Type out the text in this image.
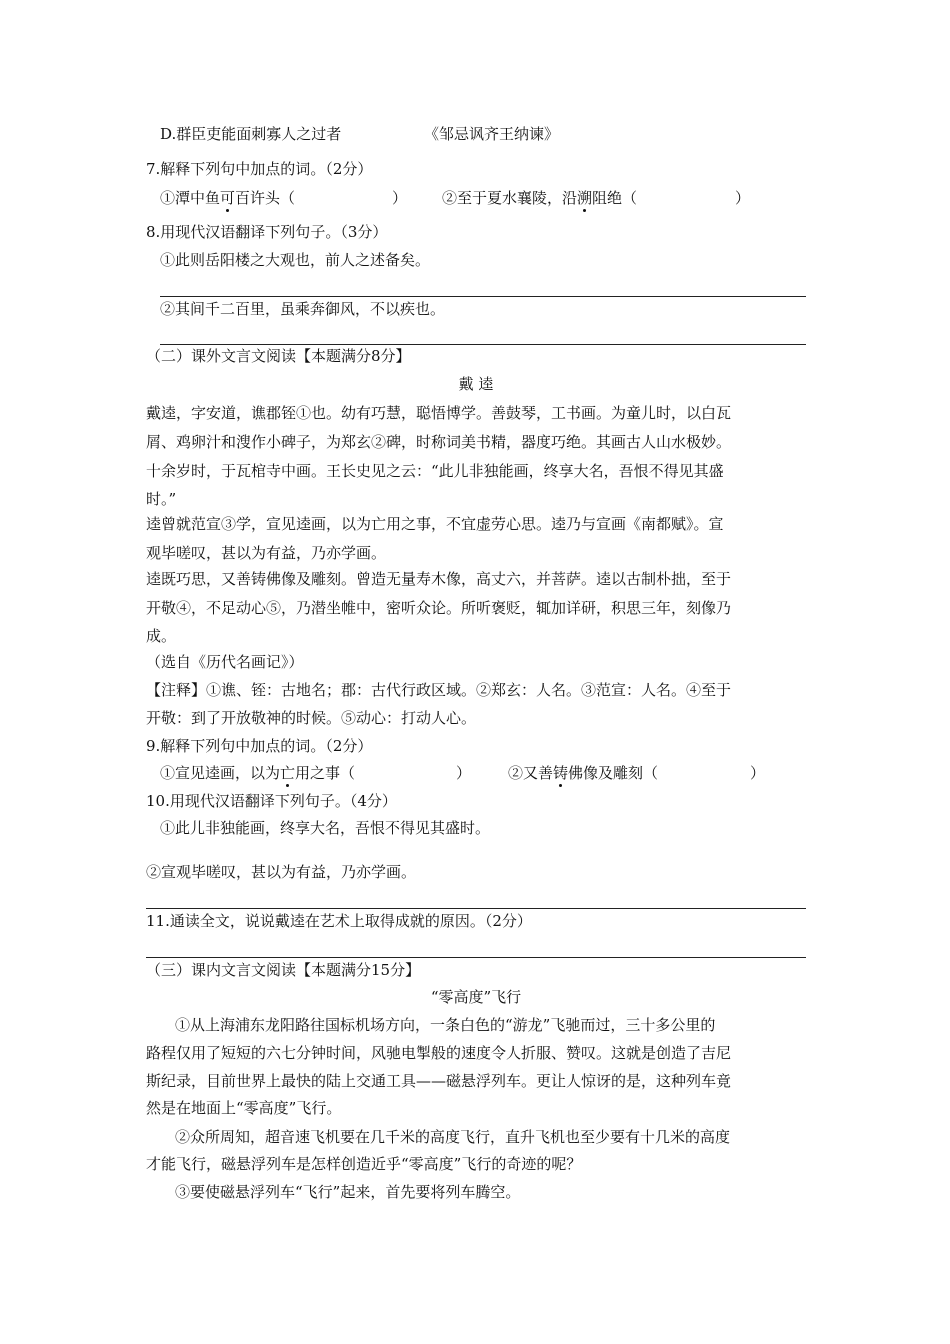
D.群臣吏能面刺寡人之过者	《邹忌讽齐王纳谏》
7.解释下列句中加点的词。（2分）
①潭中鱼可百许头（	） ②至于夏水襄陵，沿溯阻绝（	）
8.用现代汉语翻译下列句子。（3分）
①此则岳阳楼之大观也，前人之述备矣。
②其间千二百里，虽乘奔御风，不以疾也。
（二）课外文言文阅读【本题满分8分】
戴 逵
戴逵，字安道，谯郡铚①也。幼有巧慧，聪悟博学。善鼓琴，工书画。为童儿时，以白瓦
屑、鸡卵汁和溲作小碑子，为郑玄②碑，时称词美书精，器度巧绝。其画古人山水极妙。
十余岁时，于瓦棺寺中画。王长史见之云：“此儿非独能画，终享大名，吾恨不得见其盛
时。”
逵曾就范宣③学，宣见逵画，以为亡用之事，不宜虚劳心思。逵乃与宣画《南都赋》。宣
观毕嗟叹，甚以为有益，乃亦学画。
逵既巧思，又善铸佛像及雕刻。曾造无量寿木像，高丈六，并菩萨。逵以古制朴拙，至于
开敬④，不足动心⑤，乃潜坐帷中，密听众论。所听褒贬，辄加详研，积思三年，刻像乃
成。
（选自《历代名画记》）
【注释】①谯、铚：古地名；郡：古代行政区域。②郑玄：人名。③范宣：人名。④至于
开敬：到了开放敬神的时候。⑤动心：打动人心。
9.解释下列句中加点的词。（2分）
①宣见逵画，以为亡用之事（	） ②又善铸佛像及雕刻（	）
10.用现代汉语翻译下列句子。（4分）
①此儿非独能画，终享大名，吾恨不得见其盛时。
②宣观毕嗟叹，甚以为有益，乃亦学画。
11.通读全文，说说戴逵在艺术上取得成就的原因。（2分）
（三）课内文言文阅读【本题满分15分】
“零高度”飞行
①从上海浦东龙阳路往国标机场方向，一条白色的“游龙”飞驰而过，三十多公里的
路程仅用了短短的六七分钟时间，风驰电掣般的速度令人折服、赞叹。这就是创造了吉尼
斯纪录，目前世界上最快的陆上交通工具——磁悬浮列车。更让人惊讶的是，这种列车竟
然是在地面上“零高度”飞行。
②众所周知，超音速飞机要在几千米的高度飞行，直升飞机也至少要有十几米的高度
才能飞行，磁悬浮列车是怎样创造近乎“零高度”飞行的奇迹的呢？
③要使磁悬浮列车“飞行”起来，首先要将列车腾空。
